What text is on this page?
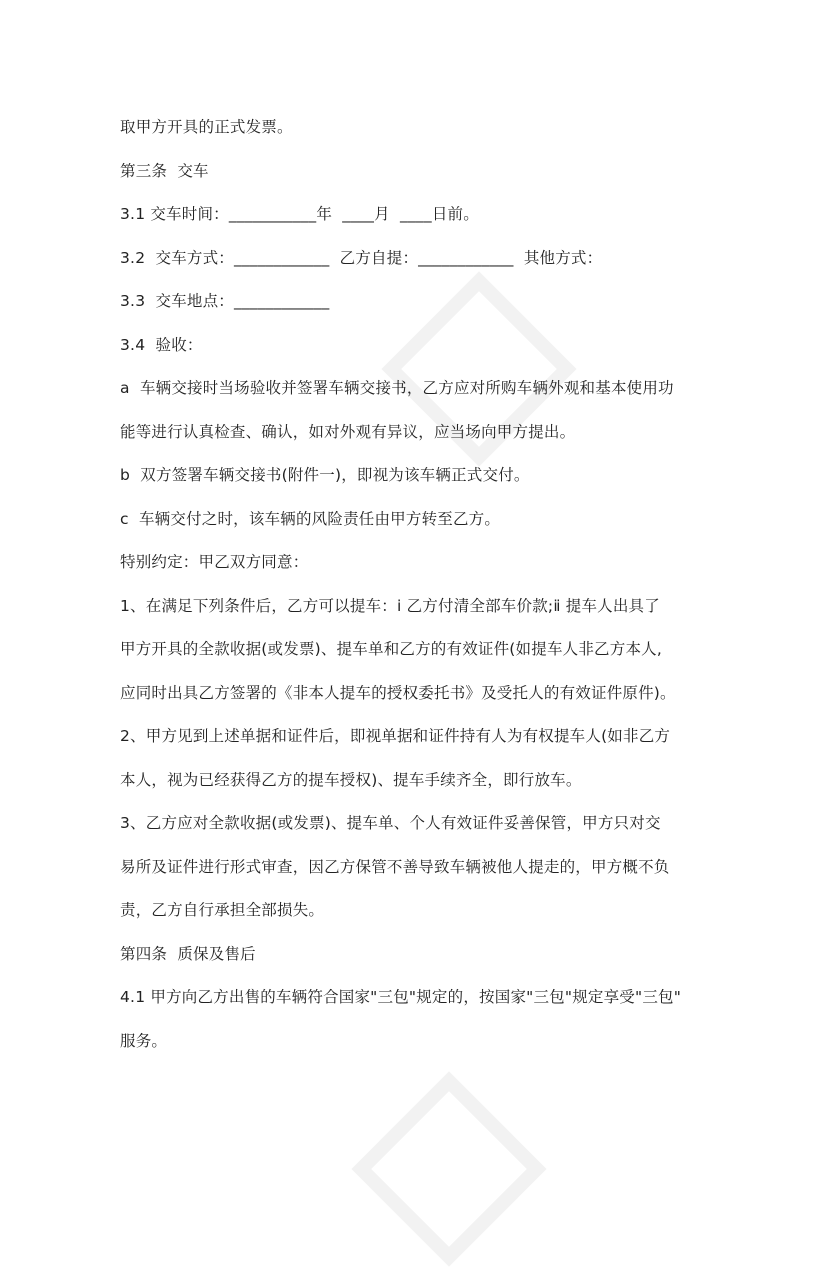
取甲方开具的正式发票。
第三条  交车
3.1 交车时间：___________年  ____月  ____日前。
3.2  交车方式：____________  乙方自提：____________  其他方式：
3.3  交车地点：____________
3.4  验收：
a  车辆交接时当场验收并签署车辆交接书，乙方应对所购车辆外观和基本使用功
能等进行认真检查、确认，如对外观有异议，应当场向甲方提出。
b  双方签署车辆交接书(附件一)，即视为该车辆正式交付。
c  车辆交付之时，该车辆的风险责任由甲方转至乙方。
特别约定：甲乙双方同意：
1、在满足下列条件后，乙方可以提车：ⅰ 乙方付清全部车价款;ⅱ 提车人出具了
甲方开具的全款收据(或发票)、提车单和乙方的有效证件(如提车人非乙方本人,
应同时出具乙方签署的《非本人提车的授权委托书》及受托人的有效证件原件)。
2、甲方见到上述单据和证件后，即视单据和证件持有人为有权提车人(如非乙方
本人，视为已经获得乙方的提车授权)、提车手续齐全，即行放车。
3、乙方应对全款收据(或发票)、提车单、个人有效证件妥善保管，甲方只对交
易所及证件进行形式审查，因乙方保管不善导致车辆被他人提走的，甲方概不负
责，乙方自行承担全部损失。
第四条  质保及售后
4.1 甲方向乙方出售的车辆符合国家"三包"规定的，按国家"三包"规定享受"三包"
服务。
